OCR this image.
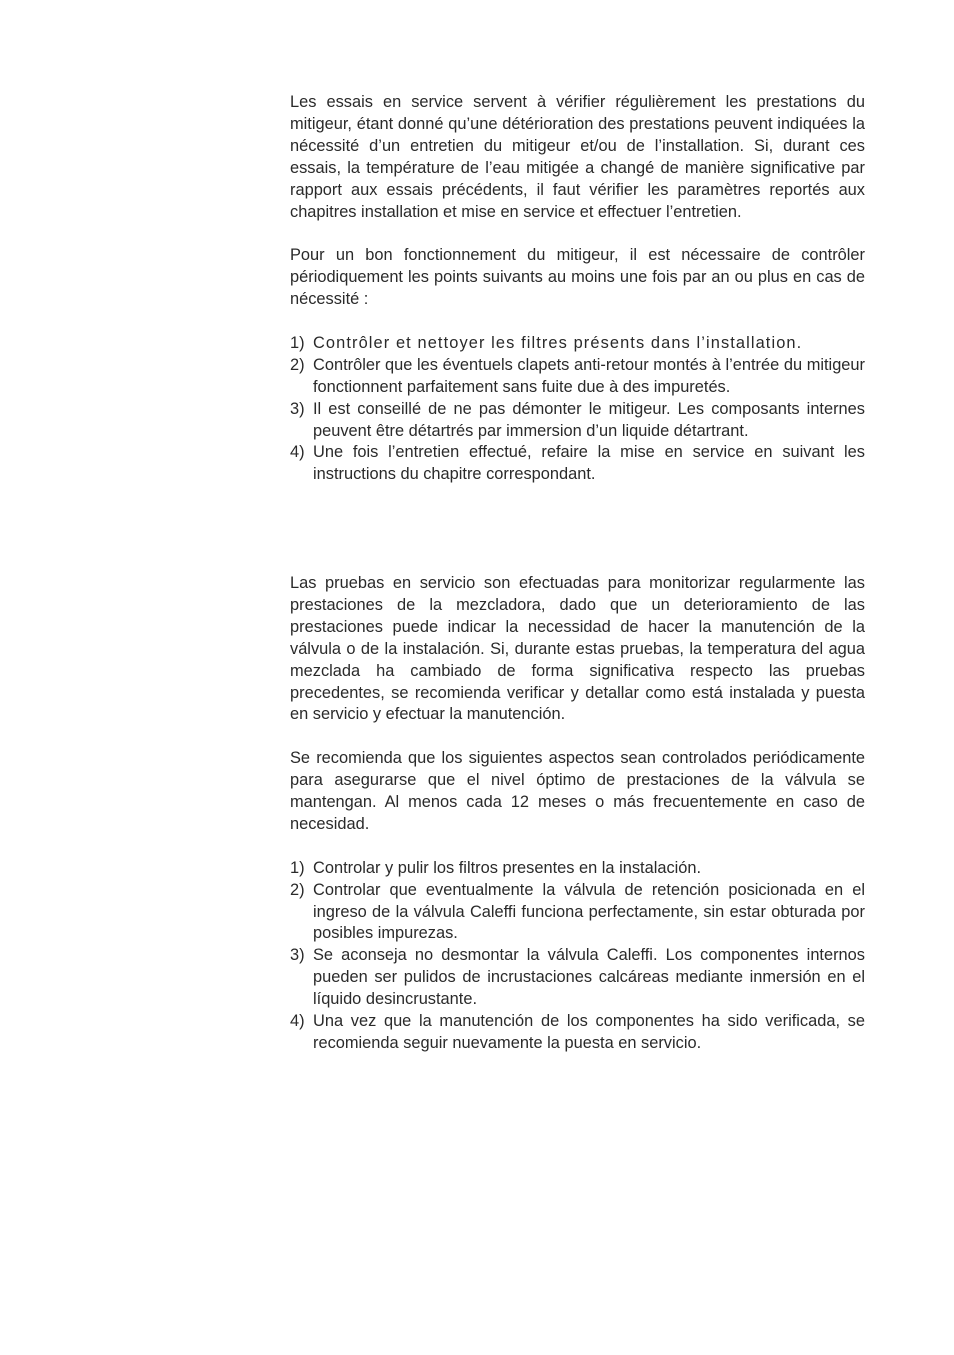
Les essais en service servent à vérifier régulièrement les prestations du mitigeur, étant donné qu’une détérioration des prestations peuvent indiquées la nécessité d’un entretien du mitigeur et/ou de l’installation. Si, durant ces essais, la température de l’eau mitigée a changé de manière significative par rapport aux essais précédents, il faut vérifier les paramètres reportés aux chapitres installation et mise en service et effectuer l’entretien.

Pour un bon fonctionnement du mitigeur, il est nécessaire de contrôler périodiquement les points suivants au moins une fois par an ou plus en cas de nécessité :

1) Contrôler et nettoyer les filtres présents dans l’installation.
2) Contrôler que les éventuels clapets anti-retour montés à l’entrée du mitigeur fonctionnent parfaitement sans fuite due à des impuretés.
3) Il est conseillé de ne pas démonter le mitigeur. Les composants internes peuvent être détartrés par immersion d’un liquide détartrant.
4) Une fois l’entretien effectué, refaire la mise en service en suivant les instructions du chapitre correspondant.

Las pruebas en servicio son efectuadas para monitorizar regularmente las prestaciones de la mezcladora, dado que un deterioramiento de las prestaciones puede indicar la necessidad de hacer la manutención de la válvula o de la instalación. Si, durante estas pruebas, la temperatura del agua mezclada ha cambiado de forma significativa respecto las pruebas precedentes, se recomienda verificar y detallar como está instalada y puesta en servicio y efectuar la manutención.

Se recomienda que los siguientes aspectos sean controlados periódicamente para asegurarse que el nivel óptimo de prestaciones de la válvula se mantengan. Al menos cada 12 meses o más frecuentemente en caso de necesidad.

1) Controlar y pulir los filtros presentes en la instalación.
2) Controlar que eventualmente la válvula de retención posicionada en el ingreso de la válvula Caleffi funciona perfectamente, sin estar obturada por posibles impurezas.
3) Se aconseja no desmontar la válvula Caleffi. Los componentes internos pueden ser pulidos de incrustaciones calcáreas mediante inmersión en el líquido desincrustante.
4) Una vez que la manutención de los componentes ha sido verificada, se recomienda seguir nuevamente la puesta en servicio.
